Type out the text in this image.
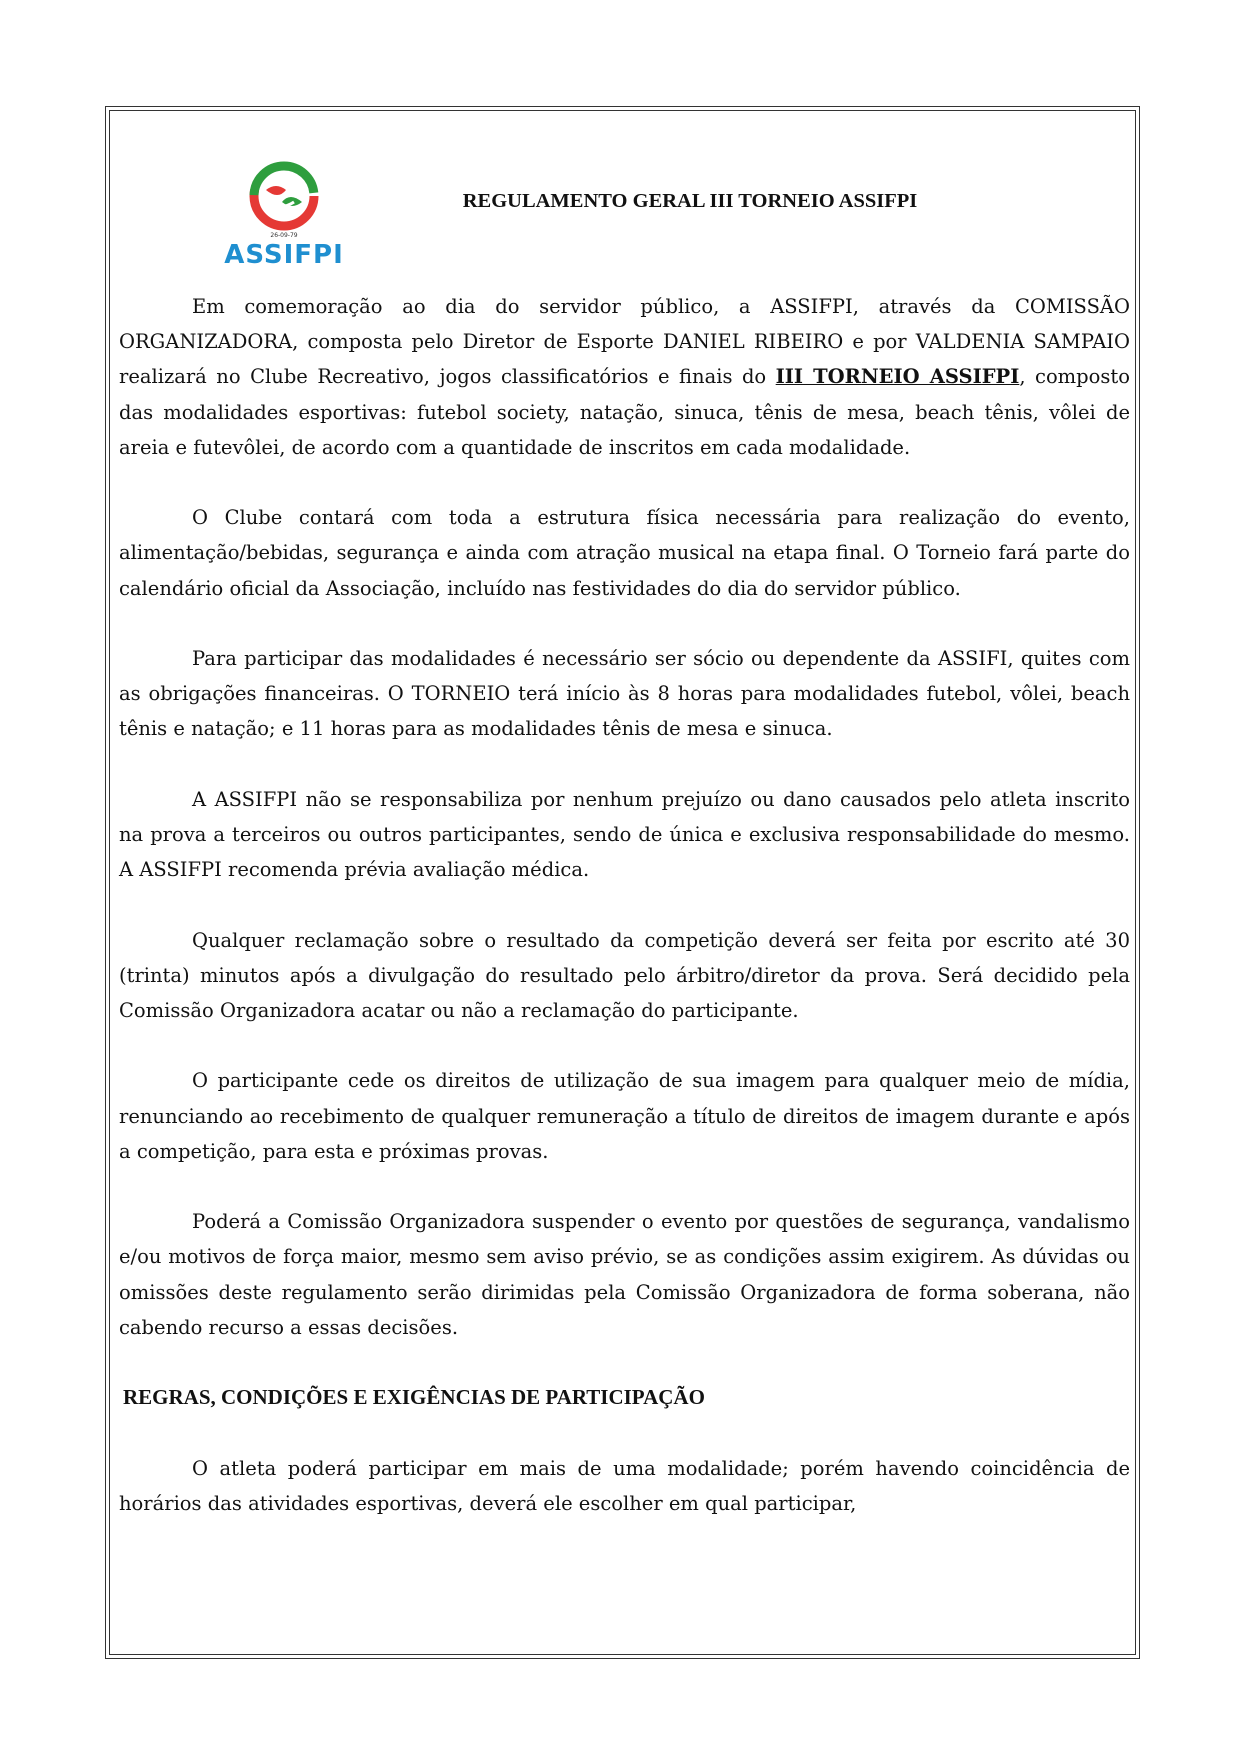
26-09-79
ASSIFPI
REGULAMENTO GERAL III TORNEIO ASSIFPI

Em comemoração ao dia do servidor público, a ASSIFPI, através da COMISSÃO ORGANIZADORA, composta pelo Diretor de Esporte DANIEL RIBEIRO e por VALDENIA SAMPAIO realizará no Clube Recreativo, jogos classificatórios e finais do III TORNEIO ASSIFPI, composto das modalidades esportivas: futebol society, natação, sinuca, tênis de mesa, beach tênis, vôlei de areia e futevôlei, de acordo com a quantidade de inscritos em cada modalidade.

O Clube contará com toda a estrutura física necessária para realização do evento, alimentação/bebidas, segurança e ainda com atração musical na etapa final. O Torneio fará parte do calendário oficial da Associação, incluído nas festividades do dia do servidor público.

Para participar das modalidades é necessário ser sócio ou dependente da ASSIFI, quites com as obrigações financeiras. O TORNEIO terá início às 8 horas para modalidades futebol, vôlei, beach tênis e natação; e 11 horas para as modalidades tênis de mesa e sinuca.

A ASSIFPI não se responsabiliza por nenhum prejuízo ou dano causados pelo atleta inscrito na prova a terceiros ou outros participantes, sendo de única e exclusiva responsabilidade do mesmo. A ASSIFPI recomenda prévia avaliação médica.

Qualquer reclamação sobre o resultado da competição deverá ser feita por escrito até 30 (trinta) minutos após a divulgação do resultado pelo árbitro/diretor da prova. Será decidido pela Comissão Organizadora acatar ou não a reclamação do participante.

O participante cede os direitos de utilização de sua imagem para qualquer meio de mídia, renunciando ao recebimento de qualquer remuneração a título de direitos de imagem durante e após a competição, para esta e próximas provas.

Poderá a Comissão Organizadora suspender o evento por questões de segurança, vandalismo e/ou motivos de força maior, mesmo sem aviso prévio, se as condições assim exigirem. As dúvidas ou omissões deste regulamento serão dirimidas pela Comissão Organizadora de forma soberana, não cabendo recurso a essas decisões.

REGRAS, CONDIÇÕES E EXIGÊNCIAS DE PARTICIPAÇÃO

O atleta poderá participar em mais de uma modalidade; porém havendo coincidência de horários das atividades esportivas, deverá ele escolher em qual participar,
